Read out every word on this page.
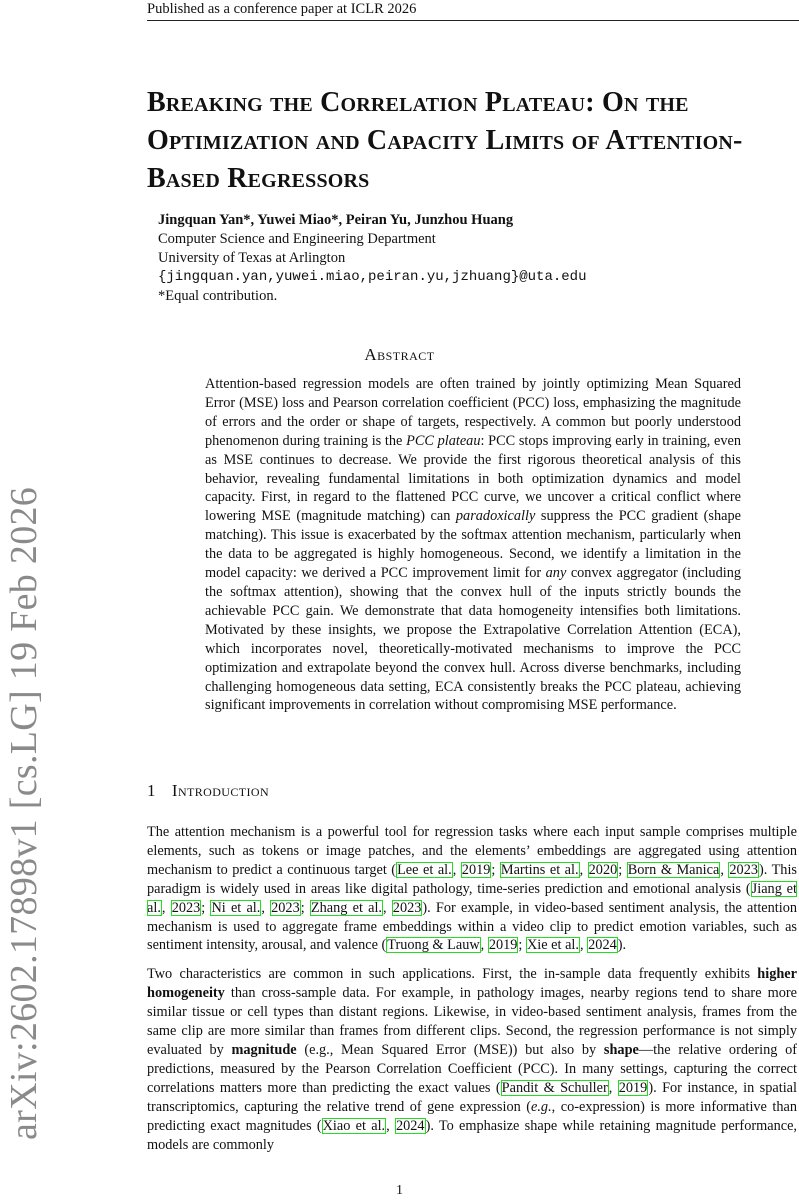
Published as a conference paper at ICLR 2026
arXiv:2602.17898v1 [cs.LG] 19 Feb 2026
Breaking the Correlation Plateau: On the Optimization and Capacity Limits of Attention-Based Regressors
Jingquan Yan*, Yuwei Miao*, Peiran Yu, Junzhou Huang
Computer Science and Engineering Department
University of Texas at Arlington
{jingquan.yan,yuwei.miao,peiran.yu,jzhuang}@uta.edu
*Equal contribution.
Abstract
Attention-based regression models are often trained by jointly optimizing Mean Squared Error (MSE) loss and Pearson correlation coefficient (PCC) loss, emphasizing the magnitude of errors and the order or shape of targets, respectively. A common but poorly understood phenomenon during training is the PCC plateau: PCC stops improving early in training, even as MSE continues to decrease. We provide the first rigorous theoretical analysis of this behavior, revealing fundamental limitations in both optimization dynamics and model capacity. First, in regard to the flattened PCC curve, we uncover a critical conflict where lowering MSE (magnitude matching) can paradoxically suppress the PCC gradient (shape matching). This issue is exacerbated by the softmax attention mechanism, particularly when the data to be aggregated is highly homogeneous. Second, we identify a limitation in the model capacity: we derived a PCC improvement limit for any convex aggregator (including the softmax attention), showing that the convex hull of the inputs strictly bounds the achievable PCC gain. We demonstrate that data homogeneity intensifies both limitations. Motivated by these insights, we propose the Extrapolative Correlation Attention (ECA), which incorporates novel, theoretically-motivated mechanisms to improve the PCC optimization and extrapolate beyond the convex hull. Across diverse benchmarks, including challenging homogeneous data setting, ECA consistently breaks the PCC plateau, achieving significant improvements in correlation without compromising MSE performance.
1 Introduction

The attention mechanism is a powerful tool for regression tasks where each input sample comprises multiple elements, such as tokens or image patches, and the elements’ embeddings are aggregated using attention mechanism to predict a continuous target (Lee et al., 2019; Martins et al., 2020; Born & Manica, 2023). This paradigm is widely used in areas like digital pathology, time-series prediction and emotional analysis (Jiang et al., 2023; Ni et al., 2023; Zhang et al., 2023). For example, in video-based sentiment analysis, the attention mechanism is used to aggregate frame embeddings within a video clip to predict emotion variables, such as sentiment intensity, arousal, and valence (Truong & Lauw, 2019; Xie et al., 2024).

Two characteristics are common in such applications. First, the in-sample data frequently exhibits higher homogeneity than cross-sample data. For example, in pathology images, nearby regions tend to share more similar tissue or cell types than distant regions. Likewise, in video-based sentiment analysis, frames from the same clip are more similar than frames from different clips. Second, the regression performance is not simply evaluated by magnitude (e.g., Mean Squared Error (MSE)) but also by shape—the relative ordering of predictions, measured by the Pearson Correlation Coefficient (PCC). In many settings, capturing the correct correlations matters more than predicting the exact values (Pandit & Schuller, 2019). For instance, in spatial transcriptomics, capturing the relative trend of gene expression (e.g., co-expression) is more informative than predicting exact magnitudes (Xiao et al., 2024). To emphasize shape while retaining magnitude performance, models are commonly

1
